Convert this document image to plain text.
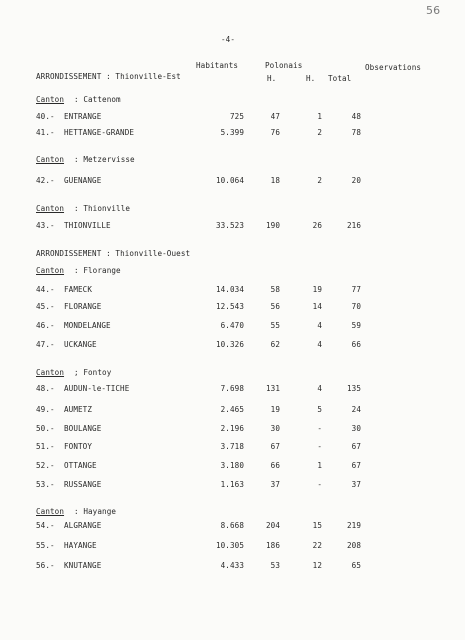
56
-4-
Habitants	Polonais	Observations
ARRONDISSEMENT : Thionville-Est	H.	H. Total
Canton : Cattenom
40.- ENTRANGE	725	47	1	48
41.- HETTANGE-GRANDE	5.399	76	2	78
Canton : Metzervisse
42.- GUENANGE	10.064	18	2	20
Canton : Thionville
43.- THIONVILLE	33.523	190	26	216
ARRONDISSEMENT : Thionville-Ouest
Canton : Florange
44.- FAMECK	14.034	58	19	77
45.- FLORANGE	12.543	56	14	70
46.- MONDELANGE	6.470	55	4	59
47.- UCKANGE	10.326	62	4	66
Canton ; Fontoy
48.- AUDUN-le-TICHE	7.698	131	4	135
49.- AUMETZ	2.465	19	5	24
50.- BOULANGE	2.196	30	-	30
51.- FONTOY	3.718	67	-	67
52.- OTTANGE	3.180	66	1	67
53.- RUSSANGE	1.163	37	-	37
Canton : Hayange
54.- ALGRANGE	8.668	204	15	219
55.- HAYANGE	10.305	186	22	208
56.- KNUTANGE	4.433	53	12	65
